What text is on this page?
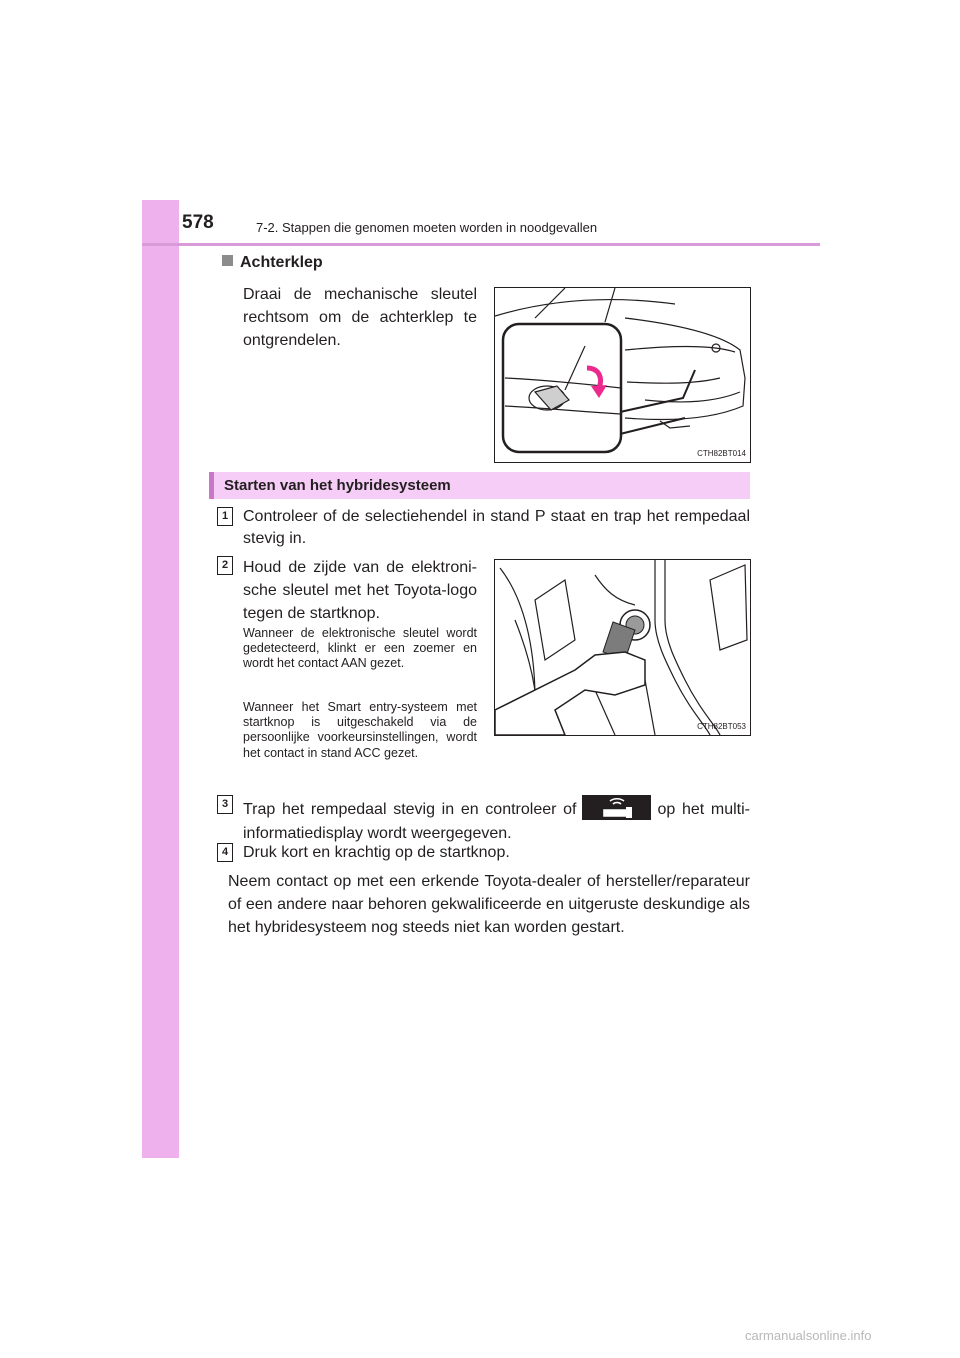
578	7-2. Stappen die genomen moeten worden in noodgevallen
Achterklep
Draai de mechanische sleutel rechtsom om de achterklep te ontgrendelen.
CTH82BT014
Starten van het hybridesysteem
1 Controleer of de selectiehendel in stand P staat en trap het rempedaal stevig in.
2 Houd de zijde van de elektronische sleutel met het Toyota-logo tegen de startknop.
Wanneer de elektronische sleutel wordt gedetecteerd, klinkt er een zoemer en wordt het contact AAN gezet.
Wanneer het Smart entry-systeem met startknop is uitgeschakeld via de persoonlijke voorkeursinstellingen, wordt het contact in stand ACC gezet.
CTH82BT053
3 Trap het rempedaal stevig in en controleer of	op het multi-informatiedisplay wordt weergegeven.
4 Druk kort en krachtig op de startknop.
Neem contact op met een erkende Toyota-dealer of hersteller/reparateur of een andere naar behoren gekwalificeerde en uitgeruste deskundige als het hybridesysteem nog steeds niet kan worden gestart.
carmanualsonline.info
